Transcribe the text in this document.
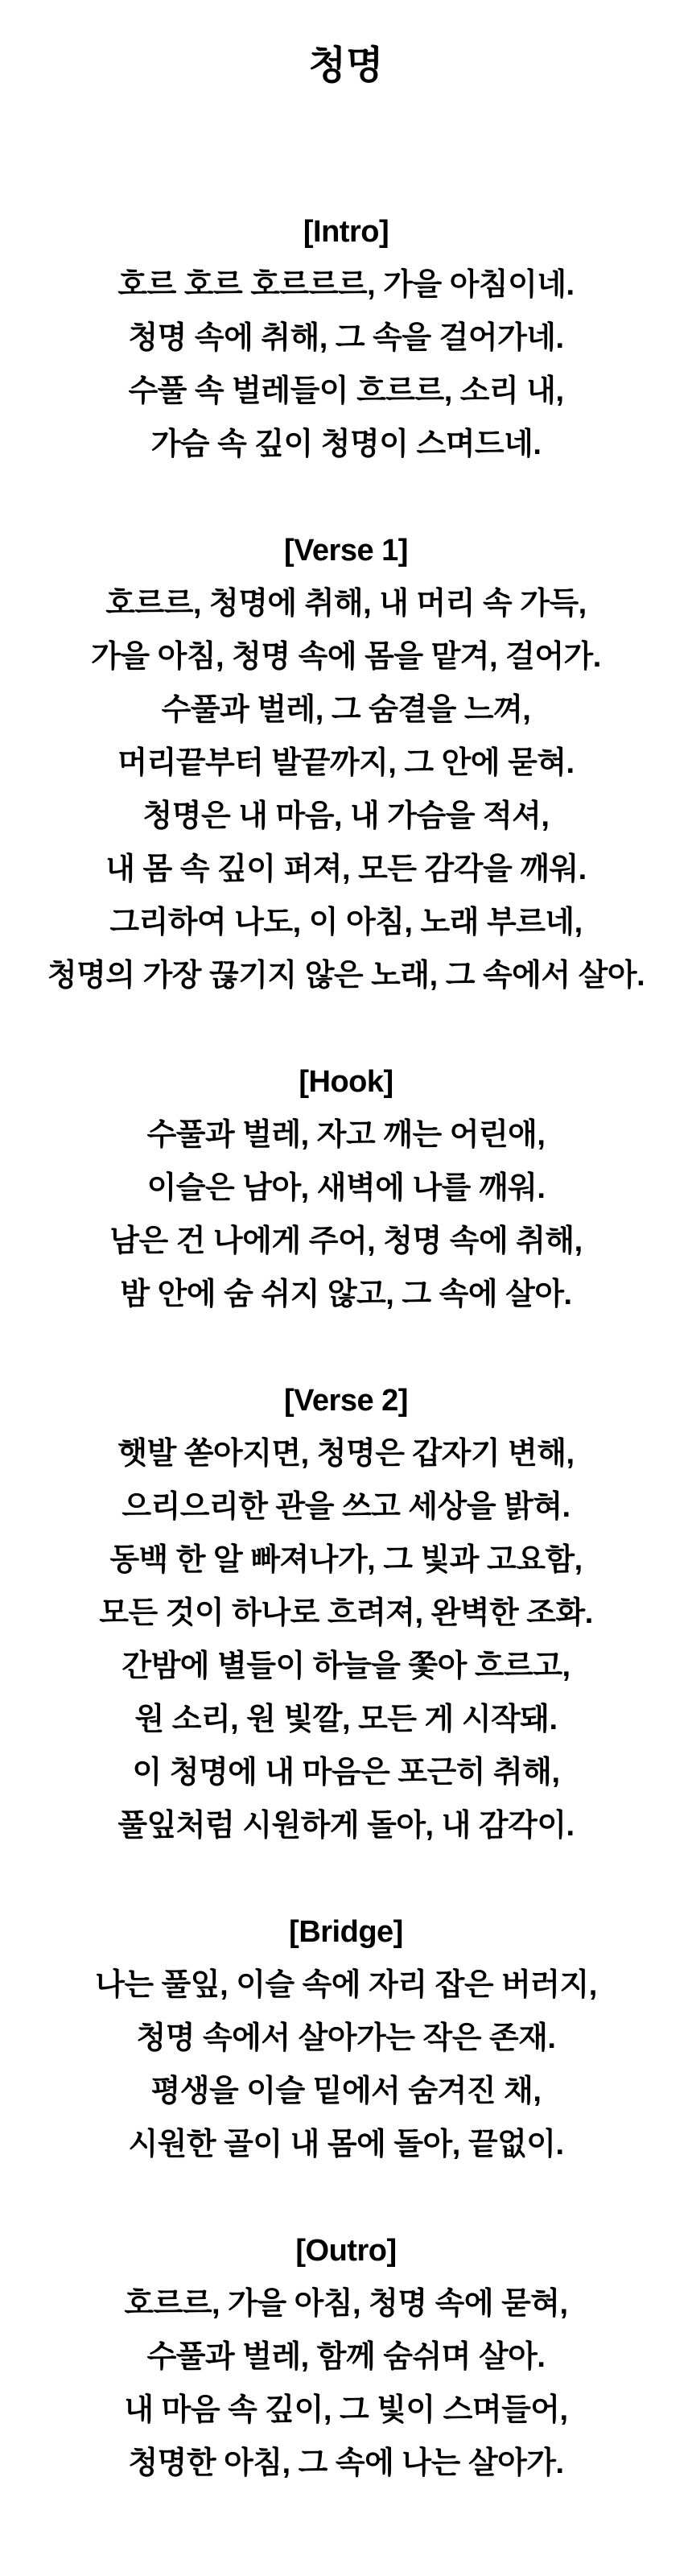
청명
[Intro]
호르 호르 호르르르, 가을 아침이네.
청명 속에 취해, 그 속을 걸어가네.
수풀 속 벌레들이 흐르르, 소리 내,
가슴 속 깊이 청명이 스며드네.
[Verse 1]
호르르, 청명에 취해, 내 머리 속 가득,
가을 아침, 청명 속에 몸을 맡겨, 걸어가.
수풀과 벌레, 그 숨결을 느껴,
머리끝부터 발끝까지, 그 안에 묻혀.
청명은 내 마음, 내 가슴을 적셔,
내 몸 속 깊이 퍼져, 모든 감각을 깨워.
그리하여 나도, 이 아침, 노래 부르네,
청명의 가장 끊기지 않은 노래, 그 속에서 살아.
[Hook]
수풀과 벌레, 자고 깨는 어린애,
이슬은 남아, 새벽에 나를 깨워.
남은 건 나에게 주어, 청명 속에 취해,
밤 안에 숨 쉬지 않고, 그 속에 살아.
[Verse 2]
햇발 쏟아지면, 청명은 갑자기 변해,
으리으리한 관을 쓰고 세상을 밝혀.
동백 한 알 빠져나가, 그 빛과 고요함,
모든 것이 하나로 흐려져, 완벽한 조화.
간밤에 별들이 하늘을 쫓아 흐르고,
원 소리, 원 빛깔, 모든 게 시작돼.
이 청명에 내 마음은 포근히 취해,
풀잎처럼 시원하게 돌아, 내 감각이.
[Bridge]
나는 풀잎, 이슬 속에 자리 잡은 버러지,
청명 속에서 살아가는 작은 존재.
평생을 이슬 밑에서 숨겨진 채,
시원한 골이 내 몸에 돌아, 끝없이.
[Outro]
호르르, 가을 아침, 청명 속에 묻혀,
수풀과 벌레, 함께 숨쉬며 살아.
내 마음 속 깊이, 그 빛이 스며들어,
청명한 아침, 그 속에 나는 살아가.
